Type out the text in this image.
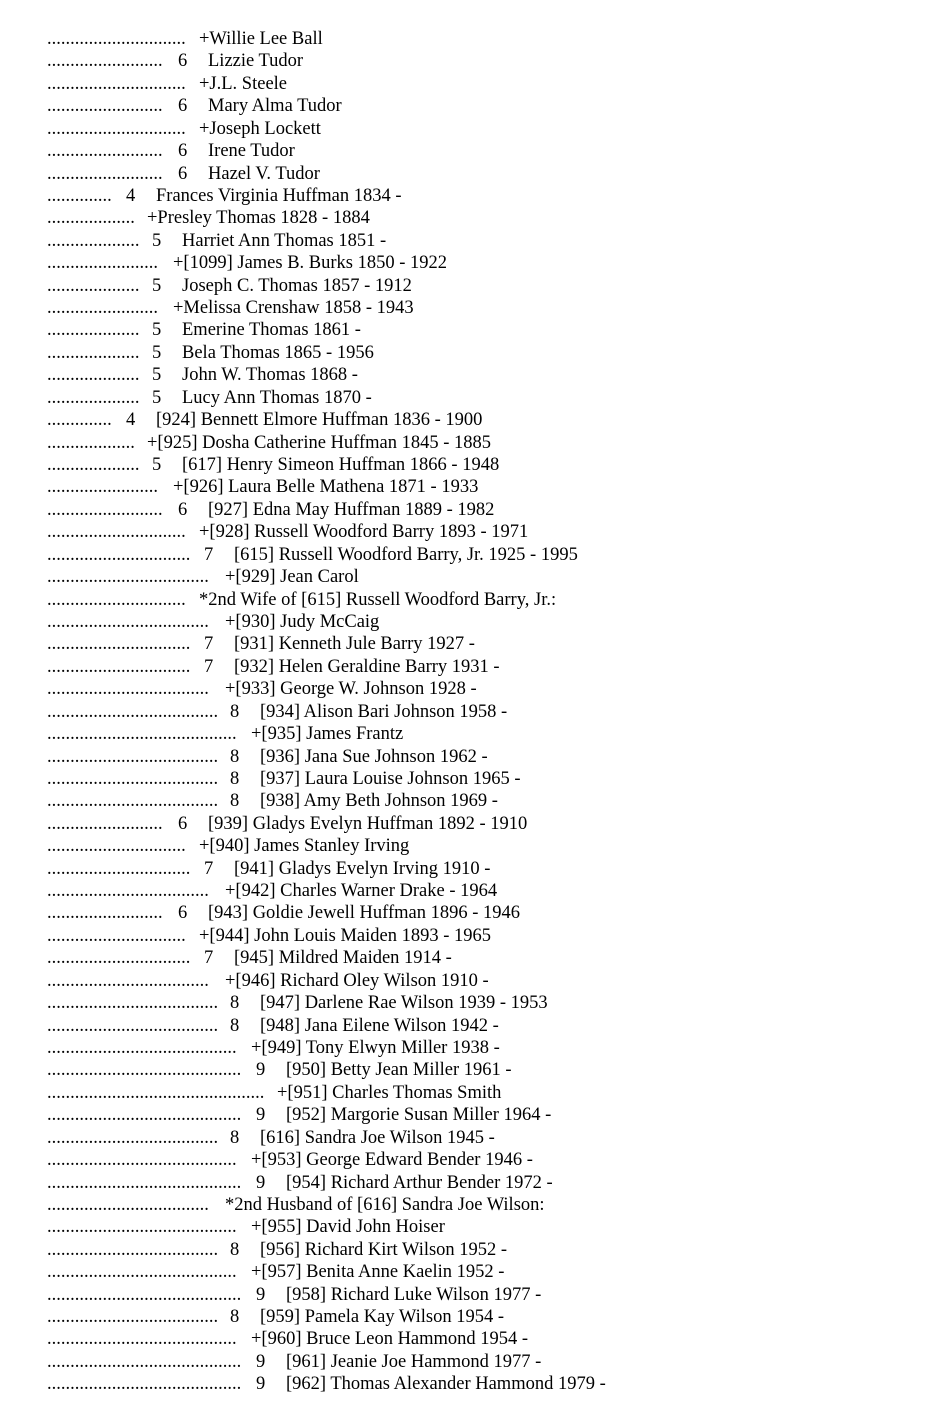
.............................. +Willie Lee Ball
......................... 6 Lizzie Tudor
.............................. +J.L. Steele
......................... 6 Mary Alma Tudor
.............................. +Joseph Lockett
......................... 6 Irene Tudor
......................... 6 Hazel V. Tudor
.............. 4 Frances Virginia Huffman 1834 -
................... +Presley Thomas 1828 - 1884
.................... 5 Harriet Ann Thomas 1851 -
........................ +[1099] James B. Burks 1850 - 1922
.................... 5 Joseph C. Thomas 1857 - 1912
........................ +Melissa Crenshaw 1858 - 1943
.................... 5 Emerine Thomas 1861 -
.................... 5 Bela Thomas 1865 - 1956
.................... 5 John W. Thomas 1868 -
.................... 5 Lucy Ann Thomas 1870 -
.............. 4 [924] Bennett Elmore Huffman 1836 - 1900
................... +[925] Dosha Catherine Huffman 1845 - 1885
.................... 5 [617] Henry Simeon Huffman 1866 - 1948
........................ +[926] Laura Belle Mathena 1871 - 1933
......................... 6 [927] Edna May Huffman 1889 - 1982
.............................. +[928] Russell Woodford Barry 1893 - 1971
............................... 7 [615] Russell Woodford Barry, Jr. 1925 - 1995
................................... +[929] Jean Carol
.............................. *2nd Wife of [615] Russell Woodford Barry, Jr.:
................................... +[930] Judy McCaig
............................... 7 [931] Kenneth Jule Barry 1927 -
............................... 7 [932] Helen Geraldine Barry 1931 -
................................... +[933] George W. Johnson 1928 -
..................................... 8 [934] Alison Bari Johnson 1958 -
......................................... +[935] James Frantz
..................................... 8 [936] Jana Sue Johnson 1962 -
..................................... 8 [937] Laura Louise Johnson 1965 -
..................................... 8 [938] Amy Beth Johnson 1969 -
......................... 6 [939] Gladys Evelyn Huffman 1892 - 1910
.............................. +[940] James Stanley Irving
............................... 7 [941] Gladys Evelyn Irving 1910 -
................................... +[942] Charles Warner Drake - 1964
......................... 6 [943] Goldie Jewell Huffman 1896 - 1946
.............................. +[944] John Louis Maiden 1893 - 1965
............................... 7 [945] Mildred Maiden 1914 -
................................... +[946] Richard Oley Wilson 1910 -
..................................... 8 [947] Darlene Rae Wilson 1939 - 1953
..................................... 8 [948] Jana Eilene Wilson 1942 -
......................................... +[949] Tony Elwyn Miller 1938 -
.......................................... 9 [950] Betty Jean Miller 1961 -
............................................... +[951] Charles Thomas Smith
.......................................... 9 [952] Margorie Susan Miller 1964 -
..................................... 8 [616] Sandra Joe Wilson 1945 -
......................................... +[953] George Edward Bender 1946 -
.......................................... 9 [954] Richard Arthur Bender 1972 -
................................... *2nd Husband of [616] Sandra Joe Wilson:
......................................... +[955] David John Hoiser
..................................... 8 [956] Richard Kirt Wilson 1952 -
......................................... +[957] Benita Anne Kaelin 1952 -
.......................................... 9 [958] Richard Luke Wilson 1977 -
..................................... 8 [959] Pamela Kay Wilson 1954 -
......................................... +[960] Bruce Leon Hammond 1954 -
.......................................... 9 [961] Jeanie Joe Hammond 1977 -
.......................................... 9 [962] Thomas Alexander Hammond 1979 -
